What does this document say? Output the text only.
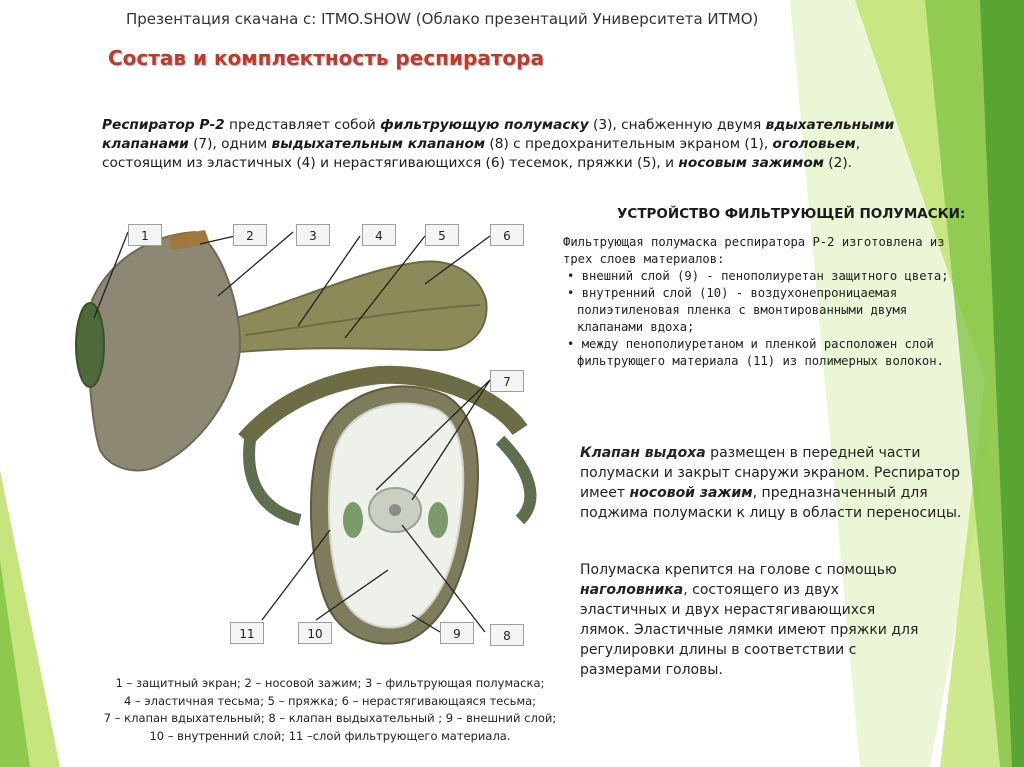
Презентация скачана с: ITMO.SHOW (Облако презентаций Университета ИТМО)
Состав и комплектность респиратора
Респиратор Р-2 представляет собой фильтрующую полумаску (3), снабженную двумя вдыхательными клапанами (7), одним выдыхательным клапаном (8) с предохранительным экраном (1), оголовьем, состоящим из эластичных (4) и нерастягивающихся (6) тесемок, пряжки (5), и носовым зажимом (2).
1	2	3	4	5	6
7
8
9
10
11
УСТРОЙСТВО ФИЛЬТРУЮЩЕЙ ПОЛУМАСКИ:
Фильтрующая полумаска респиратора Р-2 изготовлена из трех слоев материалов:
• внешний слой (9) - пенополиуретан защитного цвета;
• внутренний слой (10) - воздухонепроницаемая полиэтиленовая пленка с вмонтированными двумя клапанами вдоха;
• между пенополиуретаном и пленкой расположен слой фильтрующего материала (11) из полимерных волокон.
Клапан выдоха размещен в передней части полумаски и закрыт снаружи экраном. Респиратор имеет носовой зажим, предназначенный для поджима полумаски к лицу в области переносицы.
Полумаска крепится на голове с помощью наголовника, состоящего из двух эластичных и двух нерастягивающихся лямок. Эластичные лямки имеют пряжки для регулировки длины в соответствии с размерами головы.
1 – защитный экран; 2 – носовой зажим; 3 – фильтрующая полумаска;
4 – эластичная тесьма; 5 – пряжка; 6 – нерастягивающаяся тесьма;
7 – клапан вдыхательный; 8 – клапан выдыхательный ; 9 – внешний слой;
10 – внутренний слой; 11 –слой фильтрующего материала.
